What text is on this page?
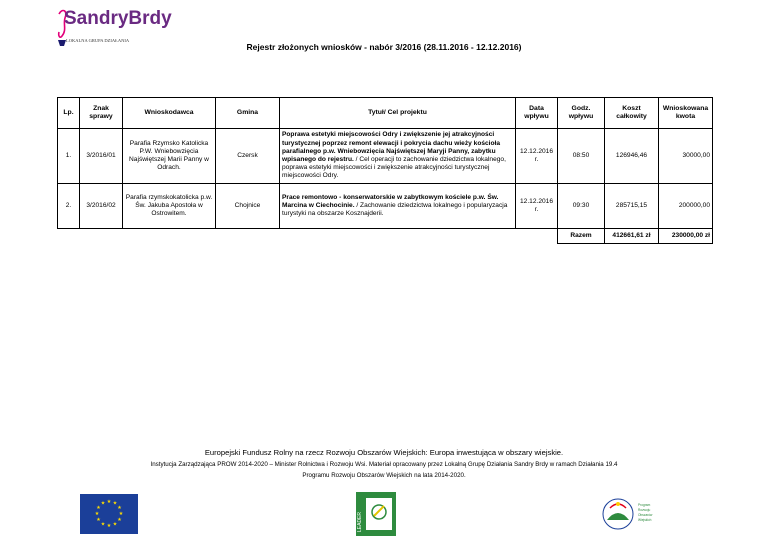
SandryBrdy
LOKALNA GRUPA DZIAŁANIA
Rejestr złożonych wniosków - nabór 3/2016 (28.11.2016 - 12.12.2016)
Lp.	Znak sprawy	Wnioskodawca	Gmina	Tytuł/ Cel projektu	Data wpływu	Godz. wpływu	Koszt całkowity	Wnioskowana kwota
1.	3/2016/01	Parafia Rzymsko Katolicka P.W. Wniebowzięcia Najświętszej Marii Panny w Odrach.	Czersk	Poprawa estetyki miejscowości Odry i zwiększenie jej atrakcyjności turystycznej poprzez remont elewacji i pokrycia dachu wieży kościoła parafialnego p.w. Wniebowzięcia Najświętszej Maryji Panny, zabytku wpisanego do rejestru. / Cel operacji to zachowanie dziedzictwa lokalnego, poprawa estetyki miejscowości i zwiększenie atrakcyjności turystycznej miejscowości Odry.	12.12.2016 r.	08:50	126946,46	30000,00
2.	3/2016/02	Parafia rzymskokatolicka p.w. Św. Jakuba Apostoła w Ostrowitem.	Chojnice	Prace remontowo - konserwatorskie w zabytkowym kościele p.w. Św. Marcina w Ciechocinie. / Zachowanie dziedzictwa lokalnego i popularyzacja turystyki na obszarze Kosznajderii.	12.12.2016 r.	09:30	285715,15	200000,00
						Razem	412661,61 zł	230000,00 zł
Europejski Fundusz Rolny na rzecz Rozwoju Obszarów Wiejskich: Europa inwestująca w obszary wiejskie.
Instytucja Zarządzająca PROW 2014-2020 – Minister Rolnictwa i Rozwoju Wsi. Materiał opracowany przez Lokalną Grupę Działania Sandry Brdy w ramach Działania 19.4
Programu Rozwoju Obszarów Wiejskich na lata 2014-2020.
★ ★
★
★
★
★
★
★
★
★
★
★
LEADER
Program
Rozwoju
Obszarów
Wiejskich
